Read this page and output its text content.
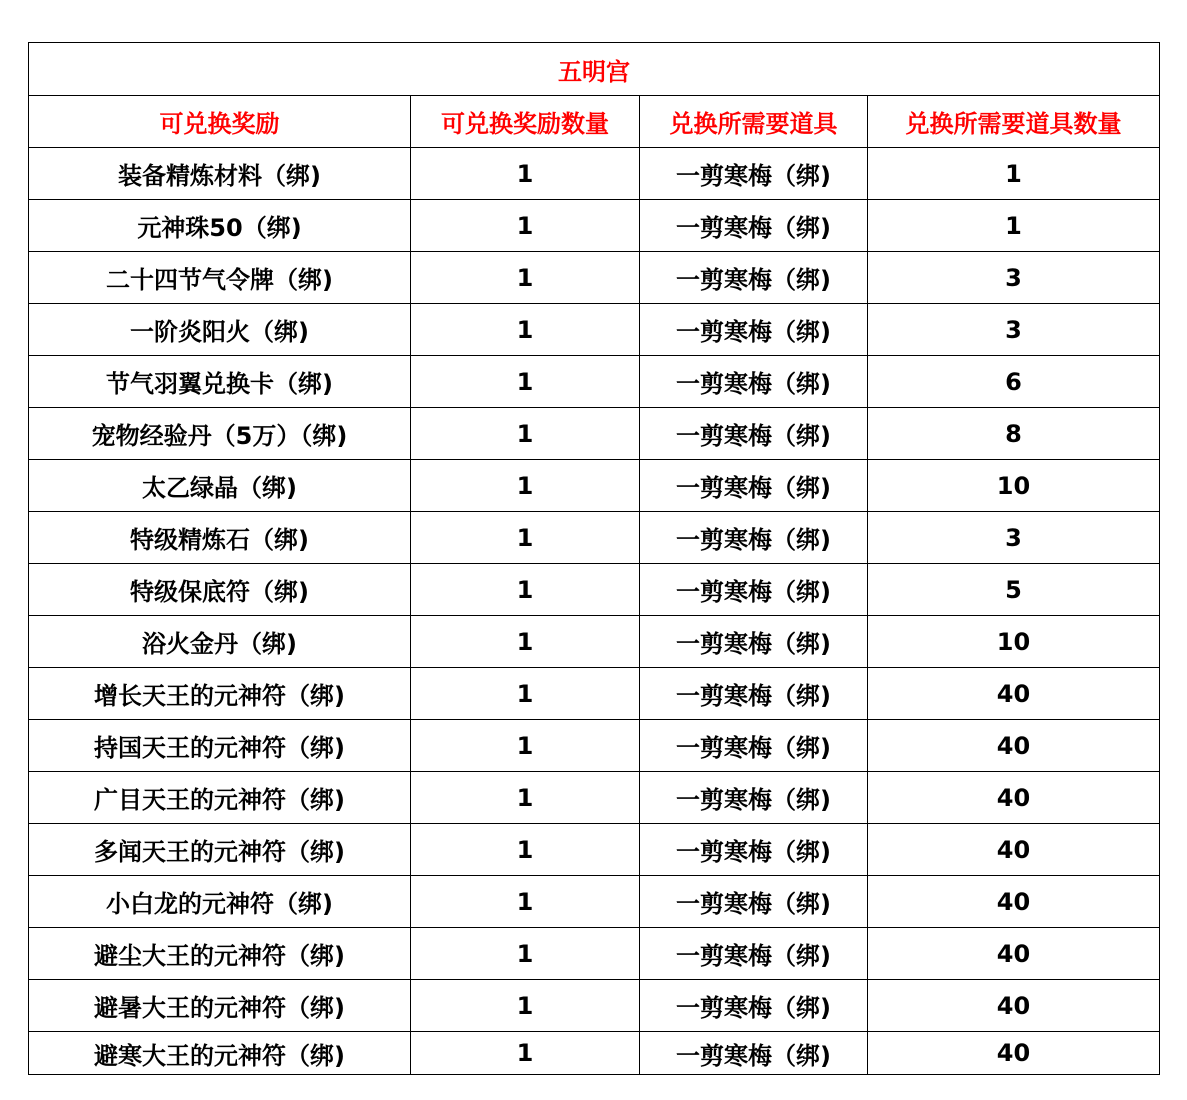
五明宫			
可兑换奖励	可兑换奖励数量	兑换所需要道具	兑换所需要道具数量
装备精炼材料（绑)	1	一剪寒梅（绑)	1
元神珠50（绑)	1	一剪寒梅（绑)	1
二十四节气令牌（绑)	1	一剪寒梅（绑)	3
一阶炎阳火（绑)	1	一剪寒梅（绑)	3
节气羽翼兑换卡（绑)	1	一剪寒梅（绑)	6
宠物经验丹（5万）（绑)	1	一剪寒梅（绑)	8
太乙绿晶（绑)	1	一剪寒梅（绑)	10
特级精炼石（绑)	1	一剪寒梅（绑)	3
特级保底符（绑)	1	一剪寒梅（绑)	5
浴火金丹（绑)	1	一剪寒梅（绑)	10
增长天王的元神符（绑)	1	一剪寒梅（绑)	40
持国天王的元神符（绑)	1	一剪寒梅（绑)	40
广目天王的元神符（绑)	1	一剪寒梅（绑)	40
多闻天王的元神符（绑)	1	一剪寒梅（绑)	40
小白龙的元神符（绑)	1	一剪寒梅（绑)	40
避尘大王的元神符（绑)	1	一剪寒梅（绑)	40
避暑大王的元神符（绑)	1	一剪寒梅（绑)	40
避寒大王的元神符（绑)	1	一剪寒梅（绑)	40
